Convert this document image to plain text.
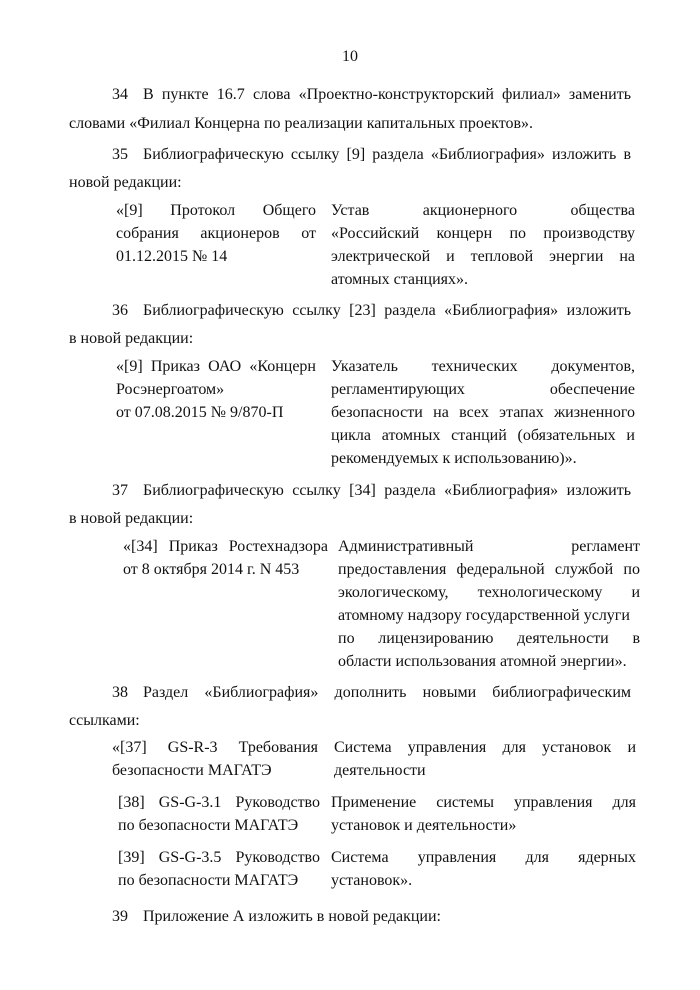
10
34 В пункте 16.7 слова «Проектно-конструкторский филиал» заменить
словами «Филиал Концерна по реализации капитальных проектов».
35 Библиографическую ссылку [9] раздела «Библиография» изложить в
новой редакции:
«[9] Протокол Общего
собрания акционеров от
01.12.2015 № 14
Устав акционерного общества
«Российский концерн по производству
электрической и тепловой энергии на
атомных станциях».
36 Библиографическую ссылку [23] раздела «Библиография» изложить
в новой редакции:
«[9] Приказ ОАО «Концерн
Росэнергоатом»
от 07.08.2015 № 9/870-П
Указатель технических документов,
регламентирующих обеспечение
безопасности на всех этапах жизненного
цикла атомных станций (обязательных и
рекомендуемых к использованию)».
37 Библиографическую ссылку [34] раздела «Библиография» изложить
в новой редакции:
«[34] Приказ Ростехнадзора
от 8 октября 2014 г. N 453
Административный регламент
предоставления федеральной службой по
экологическому, технологическому и
атомному надзору государственной услуги
по лицензированию деятельности в
области использования атомной энергии».
38 Раздел «Библиография» дополнить новыми библиографическим
ссылками:
«[37] GS-R-3 Требования
безопасности МАГАТЭ
Система управления для установок и
деятельности
[38] GS-G-3.1 Руководство
по безопасности МАГАТЭ
Применение системы управления для
установок и деятельности»
[39] GS-G-3.5 Руководство
по безопасности МАГАТЭ
Система управления для ядерных
установок».
39 Приложение А изложить в новой редакции:
